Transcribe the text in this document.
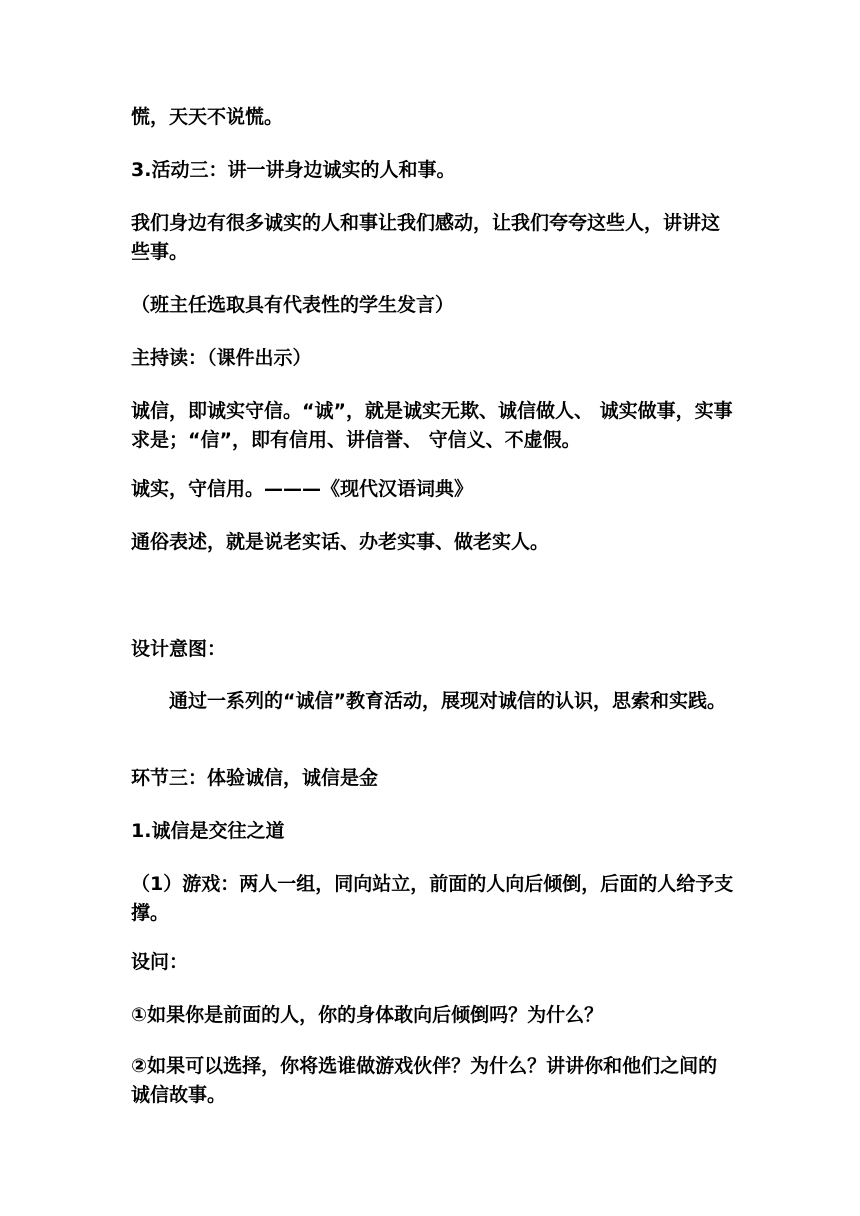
慌，天天不说慌。

3.活动三：讲一讲身边诚实的人和事。

我们身边有很多诚实的人和事让我们感动，让我们夸夸这些人，讲讲这些事。

（班主任选取具有代表性的学生发言）

主持读：（课件出示）

诚信，即诚实守信。“诚”，就是诚实无欺、诚信做人、 诚实做事，实事求是；“信”，即有信用、讲信誉、 守信义、不虚假。

诚实，守信用。———《现代汉语词典》

通俗表述，就是说老实话、办老实事、做老实人。

设计意图：

通过一系列的“诚信”教育活动，展现对诚信的认识，思索和实践。

环节三：体验诚信，诚信是金

1.诚信是交往之道

（1）游戏：两人一组，同向站立，前面的人向后倾倒，后面的人给予支撑。

设问：

①如果你是前面的人，你的身体敢向后倾倒吗？为什么？

②如果可以选择，你将选谁做游戏伙伴？为什么？讲讲你和他们之间的诚信故事。
